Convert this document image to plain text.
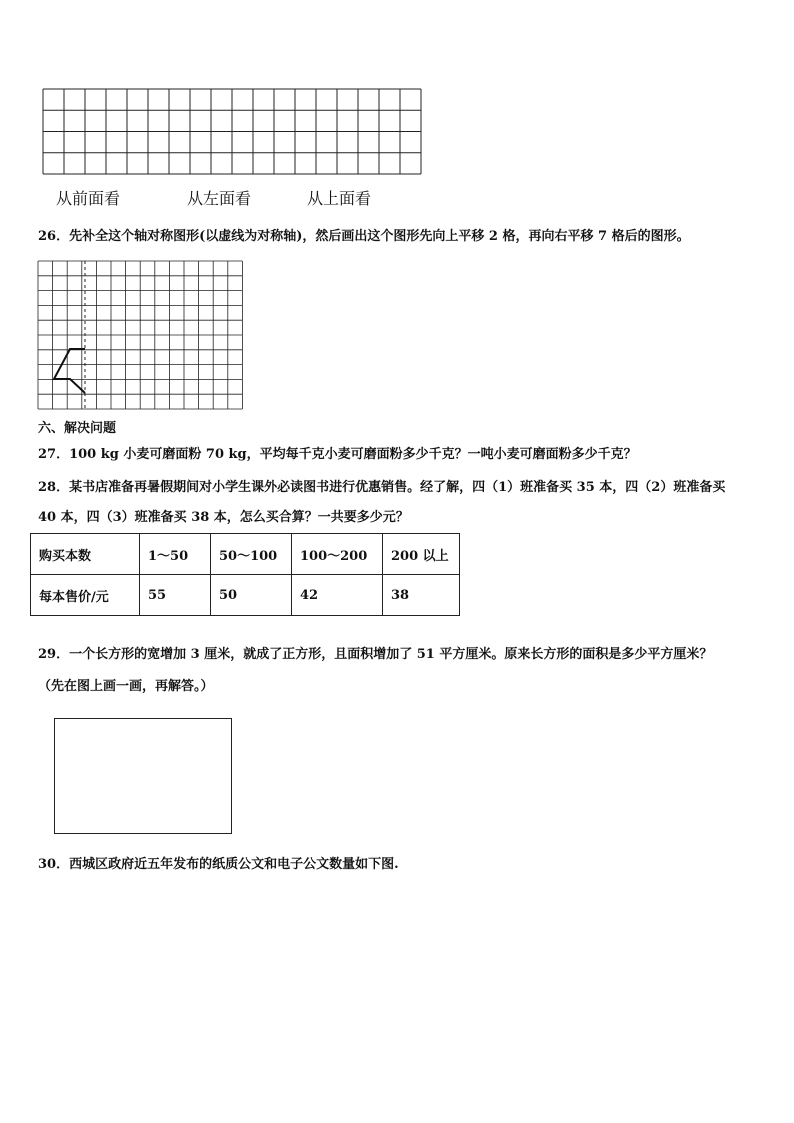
从前面看	从左面看	从上面看
26．先补全这个轴对称图形(以虚线为对称轴)，然后画出这个图形先向上平移 2 格，再向右平移 7 格后的图形。
六、解决问题
27．100 kg 小麦可磨面粉 70 kg，平均每千克小麦可磨面粉多少千克？一吨小麦可磨面粉多少千克？
28．某书店准备再暑假期间对小学生课外必读图书进行优惠销售。经了解，四（1）班准备买 35 本，四（2）班准备买
40 本，四（3）班准备买 38 本，怎么买合算？一共要多少元？
购买本数	1～50	50～100	100～200	200 以上
每本售价/元	55	50	42	38
29．一个长方形的宽增加 3 厘米，就成了正方形，且面积增加了 51 平方厘米。原来长方形的面积是多少平方厘米？
（先在图上画一画，再解答。）
30．西城区政府近五年发布的纸质公文和电子公文数量如下图.
